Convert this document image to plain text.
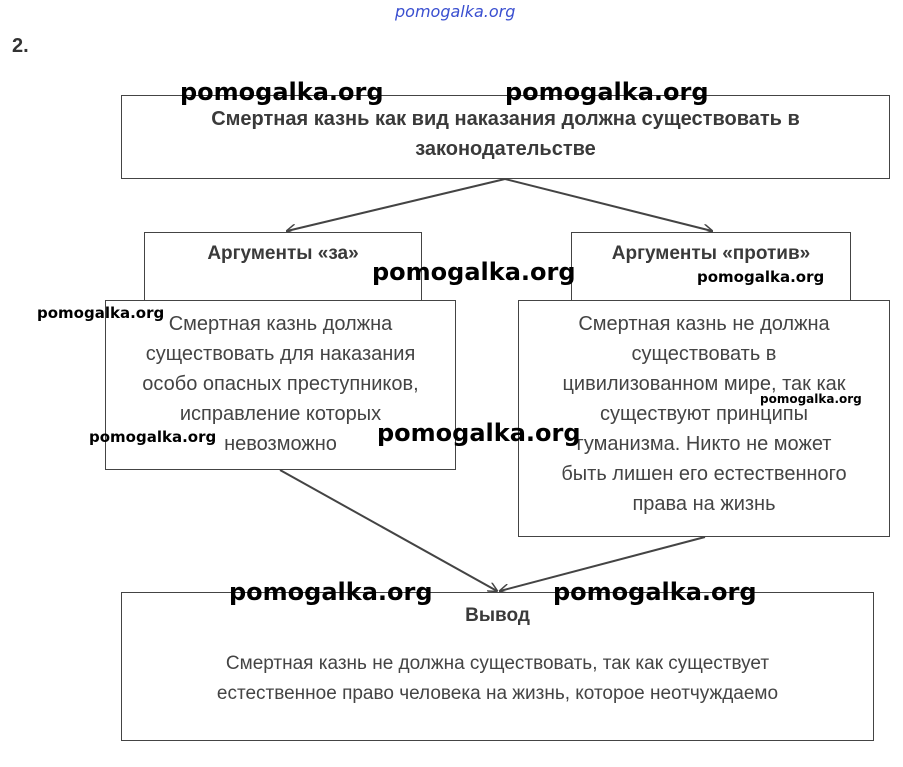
pomogalka.org
2.
Смертная казнь как вид наказания должна существовать в законодательстве
Аргументы «за»
Смертная казнь должна
существовать для наказания
особо опасных преступников,
исправление которых
невозможно
Аргументы «против»
Смертная казнь не должна
существовать в
цивилизованном мире, так как
существуют принципы
гуманизма. Никто не может
быть лишен его естественного
права на жизнь
Вывод
Смертная казнь не должна существовать, так как существует
естественное право человека на жизнь, которое неотчуждаемо
pomogalka.org	pomogalka.org
pomogalka.org	pomogalka.org
pomogalka.org
pomogalka.org
pomogalka.org	pomogalka.org
pomogalka.org	pomogalka.org
